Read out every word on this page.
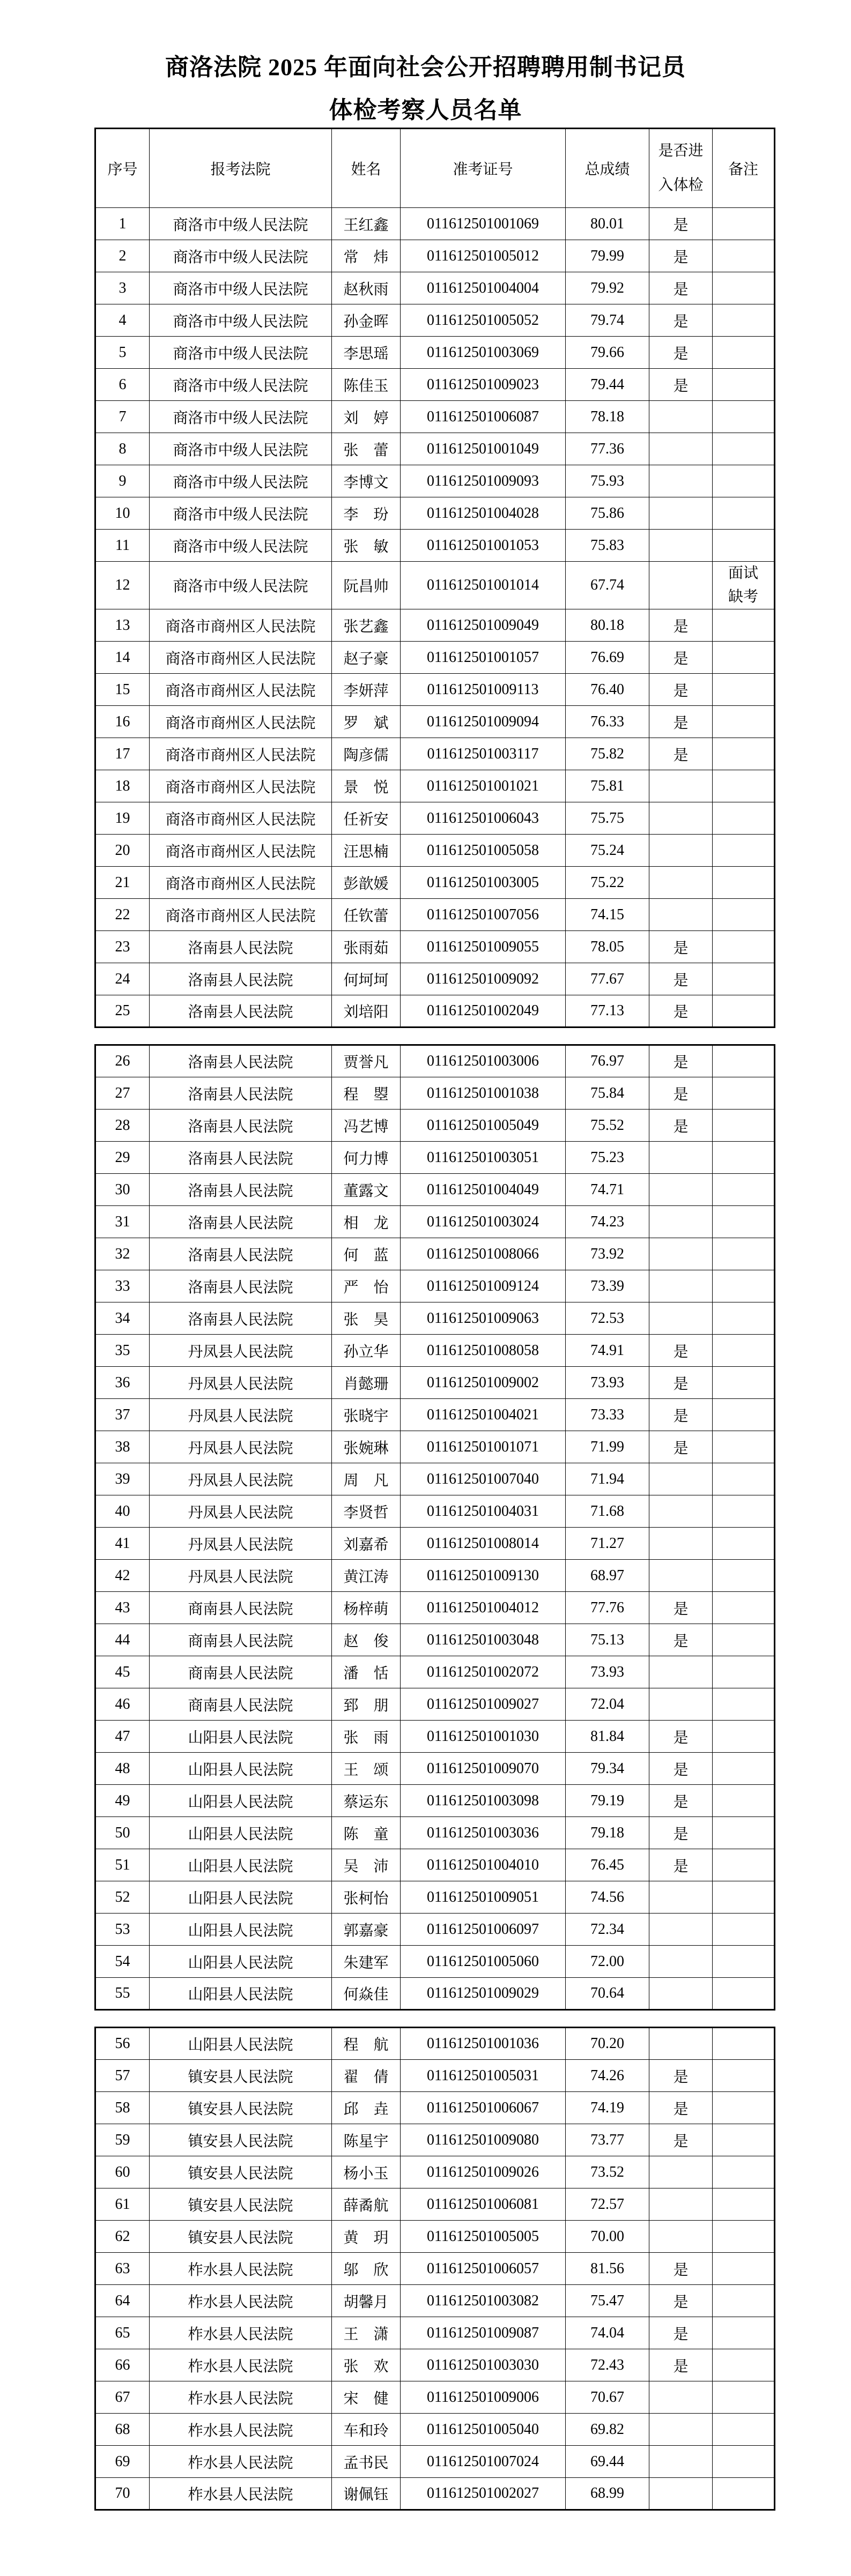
商洛法院 2025 年面向社会公开招聘聘用制书记员
体检考察人员名单
序号	报考法院	姓名	准考证号	总成绩	是否进入体检	备注
1	商洛市中级人民法院	王红鑫	011612501001069	80.01	是	

2	商洛市中级人民法院	常　炜	011612501005012	79.99	是	

3	商洛市中级人民法院	赵秋雨	011612501004004	79.92	是	

4	商洛市中级人民法院	孙金晖	011612501005052	79.74	是	

5	商洛市中级人民法院	李思瑶	011612501003069	79.66	是	

6	商洛市中级人民法院	陈佳玉	011612501009023	79.44	是	

7	商洛市中级人民法院	刘　婷	011612501006087	78.18		

8	商洛市中级人民法院	张　蕾	011612501001049	77.36		

9	商洛市中级人民法院	李博文	011612501009093	75.93		

10	商洛市中级人民法院	李　玢	011612501004028	75.86		

11	商洛市中级人民法院	张　敏	011612501001053	75.83		

12	商洛市中级人民法院	阮昌帅	011612501001014	67.74		面试缺考

13	商洛市商州区人民法院	张艺鑫	011612501009049	80.18	是	

14	商洛市商州区人民法院	赵子豪	011612501001057	76.69	是	

15	商洛市商州区人民法院	李妍萍	011612501009113	76.40	是	

16	商洛市商州区人民法院	罗　斌	011612501009094	76.33	是	

17	商洛市商州区人民法院	陶彦儒	011612501003117	75.82	是	

18	商洛市商州区人民法院	景　悦	011612501001021	75.81		

19	商洛市商州区人民法院	任祈安	011612501006043	75.75		

20	商洛市商州区人民法院	汪思楠	011612501005058	75.24		

21	商洛市商州区人民法院	彭歆媛	011612501003005	75.22		

22	商洛市商州区人民法院	任钦蕾	011612501007056	74.15		

23	洛南县人民法院	张雨茹	011612501009055	78.05	是	

24	洛南县人民法院	何坷坷	011612501009092	77.67	是	

25	洛南县人民法院	刘培阳	011612501002049	77.13	是	
26	洛南县人民法院	贾誉凡	011612501003006	76.97	是	

27	洛南县人民法院	程　曌	011612501001038	75.84	是	

28	洛南县人民法院	冯艺博	011612501005049	75.52	是	

29	洛南县人民法院	何力博	011612501003051	75.23		

30	洛南县人民法院	董露文	011612501004049	74.71		

31	洛南县人民法院	相　龙	011612501003024	74.23		

32	洛南县人民法院	何　蓝	011612501008066	73.92		

33	洛南县人民法院	严　怡	011612501009124	73.39		

34	洛南县人民法院	张　昊	011612501009063	72.53		

35	丹凤县人民法院	孙立华	011612501008058	74.91	是	

36	丹凤县人民法院	肖懿珊	011612501009002	73.93	是	

37	丹凤县人民法院	张晓宇	011612501004021	73.33	是	

38	丹凤县人民法院	张婉琳	011612501001071	71.99	是	

39	丹凤县人民法院	周　凡	011612501007040	71.94		

40	丹凤县人民法院	李贤哲	011612501004031	71.68		

41	丹凤县人民法院	刘嘉希	011612501008014	71.27		

42	丹凤县人民法院	黄江涛	011612501009130	68.97		

43	商南县人民法院	杨梓萌	011612501004012	77.76	是	

44	商南县人民法院	赵　俊	011612501003048	75.13	是	

45	商南县人民法院	潘　恬	011612501002072	73.93		

46	商南县人民法院	郅　朋	011612501009027	72.04		

47	山阳县人民法院	张　雨	011612501001030	81.84	是	

48	山阳县人民法院	王　颂	011612501009070	79.34	是	

49	山阳县人民法院	蔡运东	011612501003098	79.19	是	

50	山阳县人民法院	陈　童	011612501003036	79.18	是	

51	山阳县人民法院	吴　沛	011612501004010	76.45	是	

52	山阳县人民法院	张柯怡	011612501009051	74.56		

53	山阳县人民法院	郭嘉豪	011612501006097	72.34		

54	山阳县人民法院	朱建军	011612501005060	72.00		

55	山阳县人民法院	何焱佳	011612501009029	70.64		
56	山阳县人民法院	程　航	011612501001036	70.20		

57	镇安县人民法院	翟　倩	011612501005031	74.26	是	

58	镇安县人民法院	邱　垚	011612501006067	74.19	是	

59	镇安县人民法院	陈星宇	011612501009080	73.77	是	

60	镇安县人民法院	杨小玉	011612501009026	73.52		

61	镇安县人民法院	薛矞航	011612501006081	72.57		

62	镇安县人民法院	黄　玥	011612501005005	70.00		

63	柞水县人民法院	邬　欣	011612501006057	81.56	是	

64	柞水县人民法院	胡馨月	011612501003082	75.47	是	

65	柞水县人民法院	王　潇	011612501009087	74.04	是	

66	柞水县人民法院	张　欢	011612501003030	72.43	是	

67	柞水县人民法院	宋　健	011612501009006	70.67		

68	柞水县人民法院	车和玲	011612501005040	69.82		

69	柞水县人民法院	孟书民	011612501007024	69.44		

70	柞水县人民法院	谢佩钰	011612501002027	68.99		
